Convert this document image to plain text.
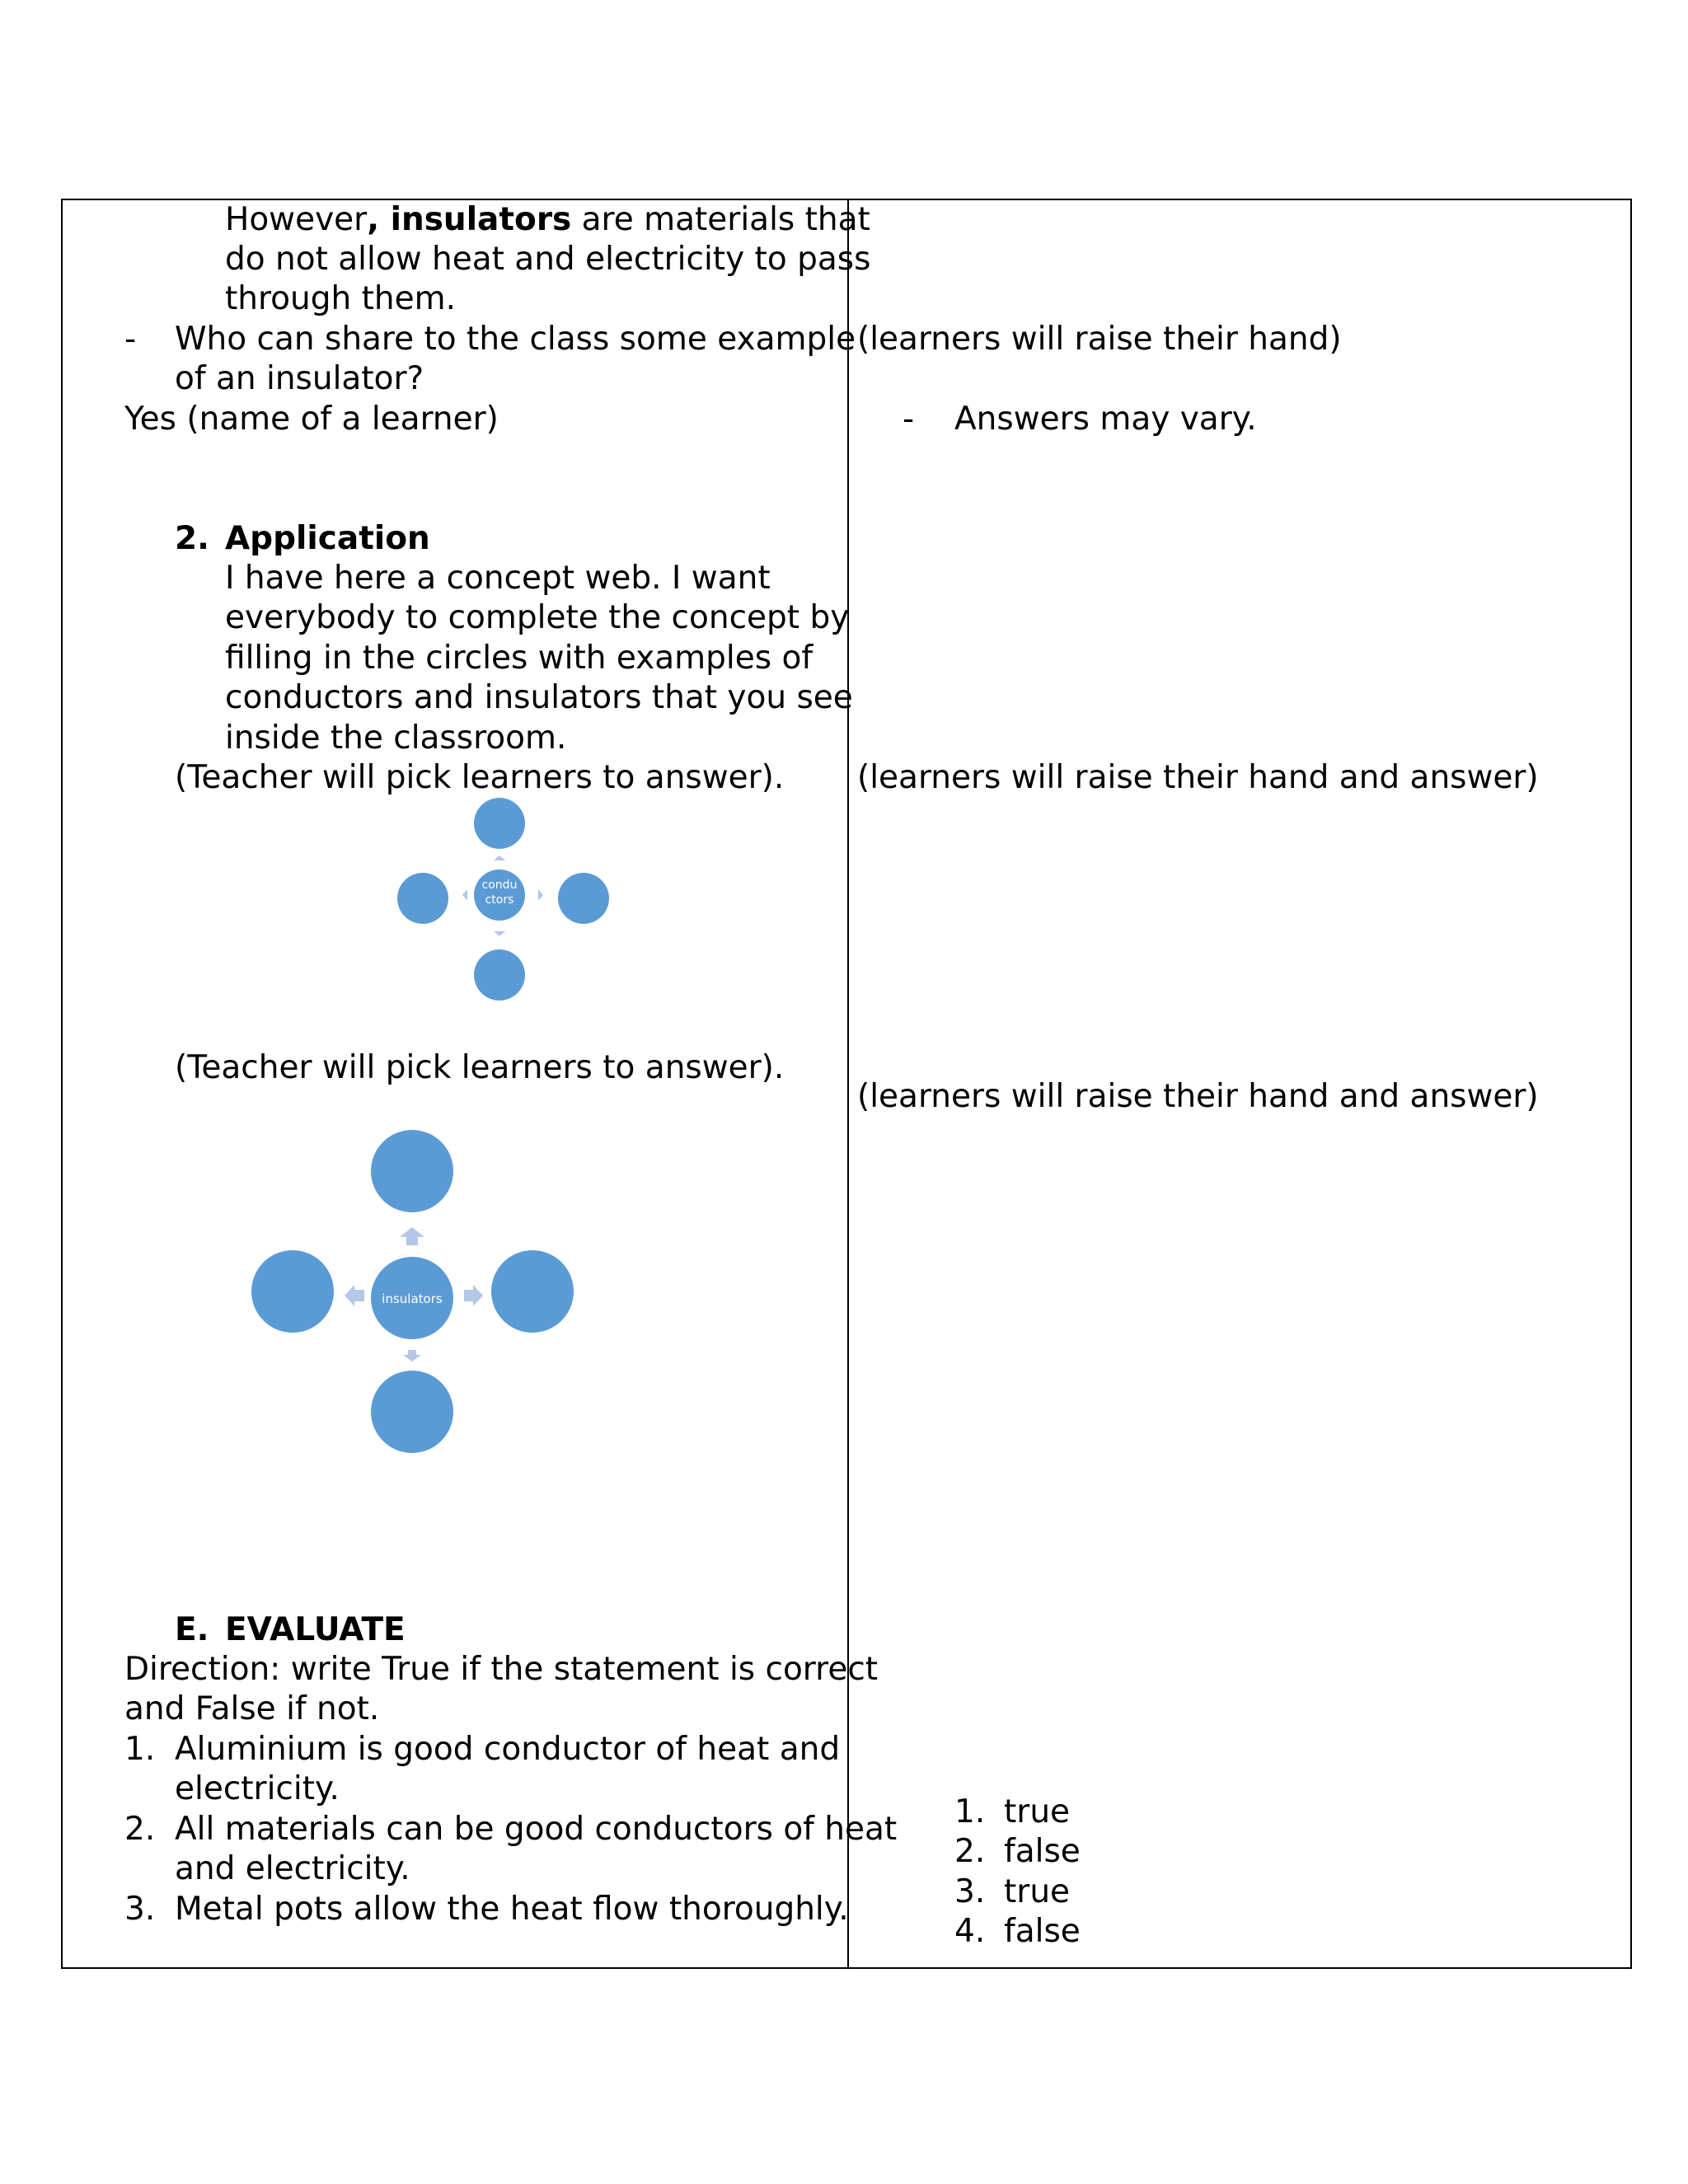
However, insulators are materials that
do not allow heat and electricity to pass
through them.
- Who can share to the class some example
of an insulator?
Yes (name of a learner)
2. Application
I have here a concept web. I want
everybody to complete the concept by
filling in the circles with examples of
conductors and insulators that you see
inside the classroom.
(Teacher will pick learners to answer).
condu
ctors
(Teacher will pick learners to answer).
insulators
E. EVALUATE
Direction: write True if the statement is correct
and False if not.
1. Aluminium is good conductor of heat and
electricity.
2. All materials can be good conductors of heat
and electricity.
3. Metal pots allow the heat flow thoroughly.
(learners will raise their hand)
- Answers may vary.
(learners will raise their hand and answer)
(learners will raise their hand and answer)
1. true
2. false
3. true
4. false
